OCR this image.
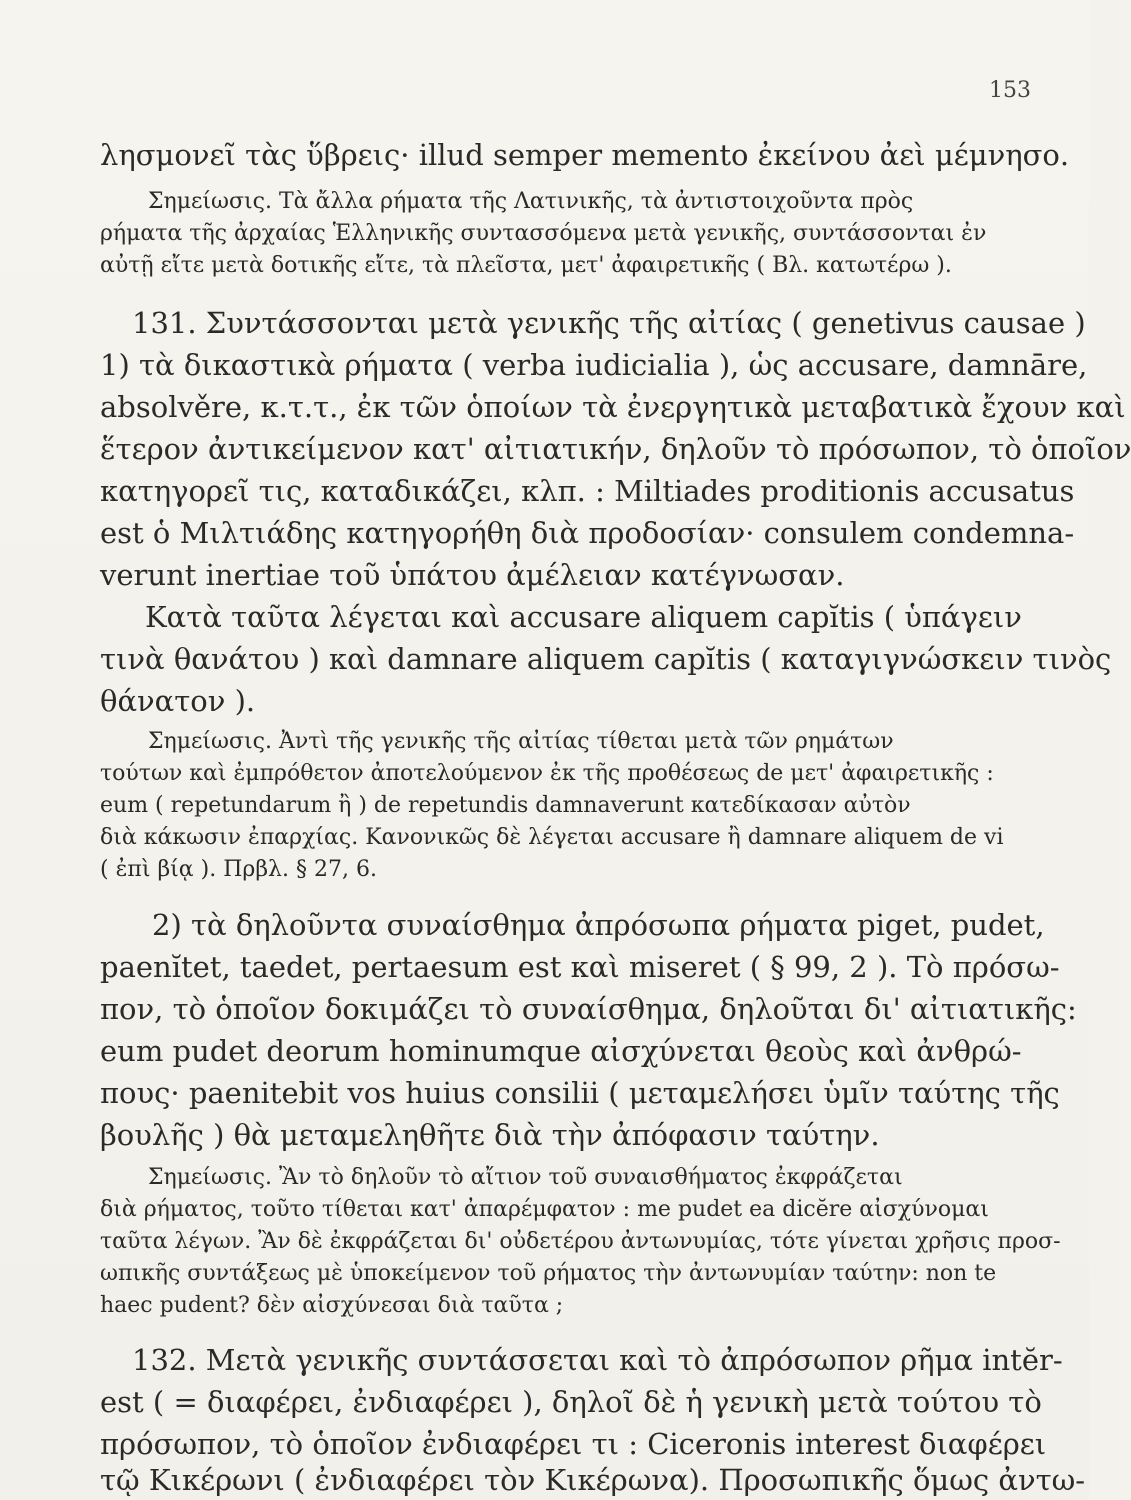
153
λησμονεῖ τὰς ὕβρεις· illud semper memento ἐκείνου ἀεὶ μέμνησο.
Σημείωσις. Τὰ ἄλλα ρήματα τῆς Λατινικῆς, τὰ ἀντιστοιχοῦντα πρὸς
ρήματα τῆς ἀρχαίας Ἑλληνικῆς συντασσόμενα μετὰ γενικῆς, συντάσσονται ἐν
αὐτῇ εἴτε μετὰ δοτικῆς εἴτε, τὰ πλεῖστα, μετ' ἀφαιρετικῆς ( Βλ. κατωτέρω ).
131. Συντάσσονται μετὰ γενικῆς τῆς αἰτίας ( genetivus causae )
1) τὰ δικαστικὰ ρήματα ( verba iudicialia ), ὡς accusare, damnāre,
absolvěre, κ.τ.τ., ἐκ τῶν ὁποίων τὰ ἐνεργητικὰ μεταβατικὰ ἔχουν καὶ
ἕτερον ἀντικείμενον κατ' αἰτιατικήν, δηλοῦν τὸ πρόσωπον, τὸ ὁποῖον
κατηγορεῖ τις, καταδικάζει, κλπ. : Miltiades proditionis accusatus
est ὁ Μιλτιάδης κατηγορήθη διὰ προδοσίαν· consulem condemna-
verunt inertiae τοῦ ὑπάτου ἀμέλειαν κατέγνωσαν.
Κατὰ ταῦτα λέγεται καὶ accusare aliquem capĭtis ( ὑπάγειν
τινὰ θανάτου ) καὶ damnare aliquem capĭtis ( καταγιγνώσκειν τινὸς
θάνατον ).
Σημείωσις. Ἀντὶ τῆς γενικῆς τῆς αἰτίας τίθεται μετὰ τῶν ρημάτων
τούτων καὶ ἐμπρόθετον ἀποτελούμενον ἐκ τῆς προθέσεως de μετ' ἀφαιρετικῆς :
eum ( repetundarum ἢ ) de repetundis damnaverunt κατεδίκασαν αὐτὸν
διὰ κάκωσιν ἐπαρχίας. Κανονικῶς δὲ λέγεται accusare ἢ damnare aliquem de vi
( ἐπὶ βίᾳ ). Πρβλ. § 27, 6.
2) τὰ δηλοῦντα συναίσθημα ἀπρόσωπα ρήματα piget, pudet,
paenĭtet, taedet, pertaesum est καὶ miseret ( § 99, 2 ). Τὸ πρόσω-
πον, τὸ ὁποῖον δοκιμάζει τὸ συναίσθημα, δηλοῦται δι' αἰτιατικῆς:
eum pudet deorum hominumque αἰσχύνεται θεοὺς καὶ ἀνθρώ-
πους· paenitebit vos huius consilii ( μεταμελήσει ὑμῖν ταύτης τῆς
βουλῆς ) θὰ μεταμεληθῆτε διὰ τὴν ἀπόφασιν ταύτην.
Σημείωσις. Ἂν τὸ δηλοῦν τὸ αἴτιον τοῦ συναισθήματος ἐκφράζεται
διὰ ρήματος, τοῦτο τίθεται κατ' ἀπαρέμφατον : me pudet ea dicĕre αἰσχύνομαι
ταῦτα λέγων. Ἂν δὲ ἐκφράζεται δι' οὐδετέρου ἀντωνυμίας, τότε γίνεται χρῆσις προσ-
ωπικῆς συντάξεως μὲ ὑποκείμενον τοῦ ρήματος τὴν ἀντωνυμίαν ταύτην: non te
haec pudent? δὲν αἰσχύνεσαι διὰ ταῦτα ;
132. Μετὰ γενικῆς συντάσσεται καὶ τὸ ἀπρόσωπον ρῆμα intĕr-
est ( = διαφέρει, ἐνδιαφέρει ), δηλοῖ δὲ ἡ γενικὴ μετὰ τούτου τὸ
πρόσωπον, τὸ ὁποῖον ἐνδιαφέρει τι : Ciceronis interest διαφέρει
τῷ Κικέρωνι ( ἐνδιαφέρει τὸν Κικέρωνα). Προσωπικῆς ὅμως ἀντω-
